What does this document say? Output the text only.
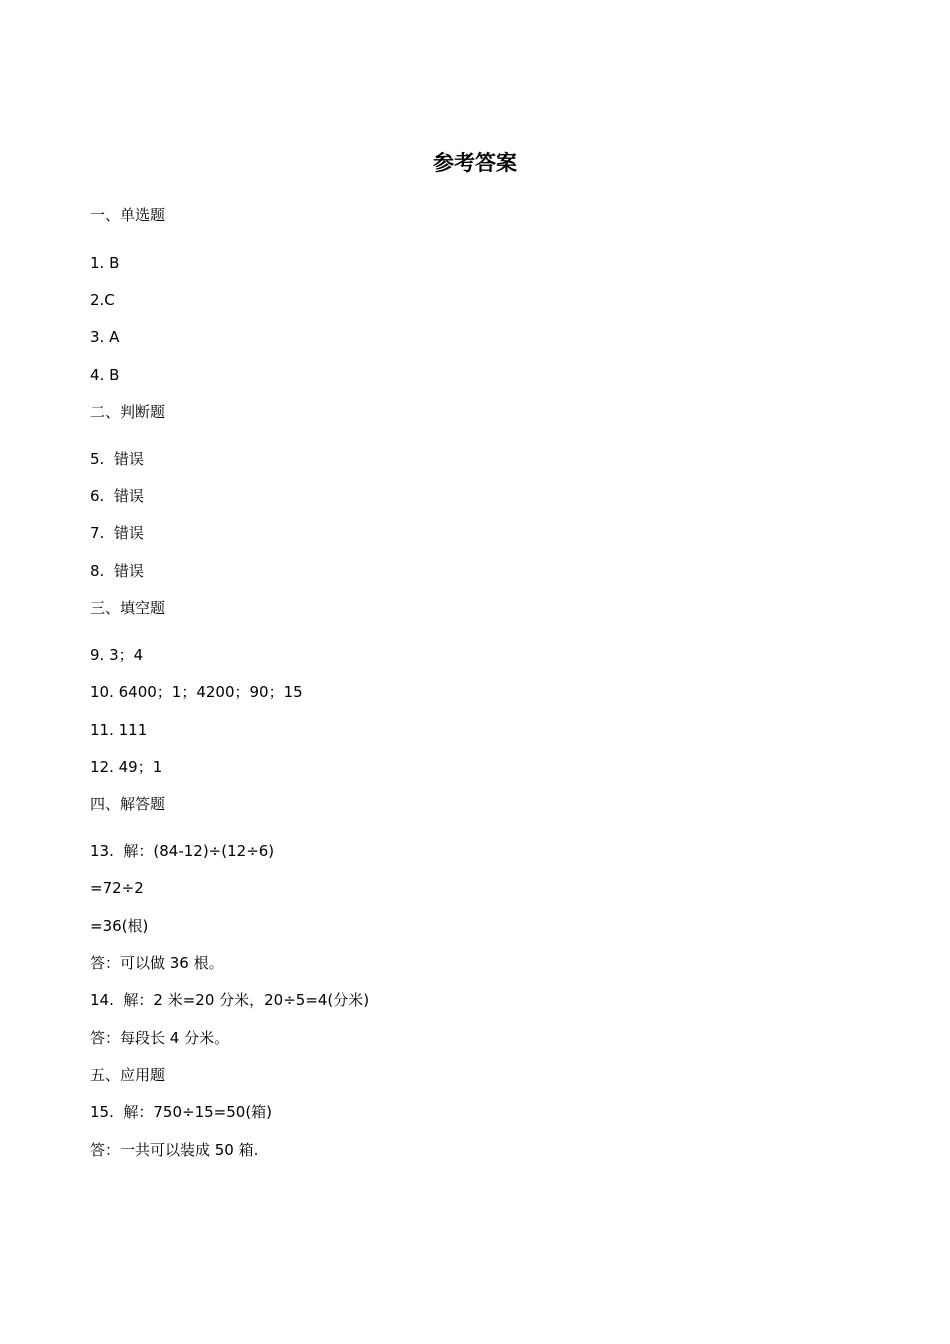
参考答案
一、单选题
1. B
2.C
3. A
4. B
二、判断题
5.  错误
6.  错误
7.  错误
8.  错误
三、填空题
9. 3；4
10. 6400；1；4200；90；15
11. 111
12. 49；1
四、解答题
13.  解：(84-12)÷(12÷6)
=72÷2
=36(根)
答：可以做 36 根。
14.  解：2 米=20 分米，20÷5=4(分米)
答：每段长 4 分米。
五、应用题
15.  解：750÷15=50(箱)
答：一共可以装成 50 箱.
